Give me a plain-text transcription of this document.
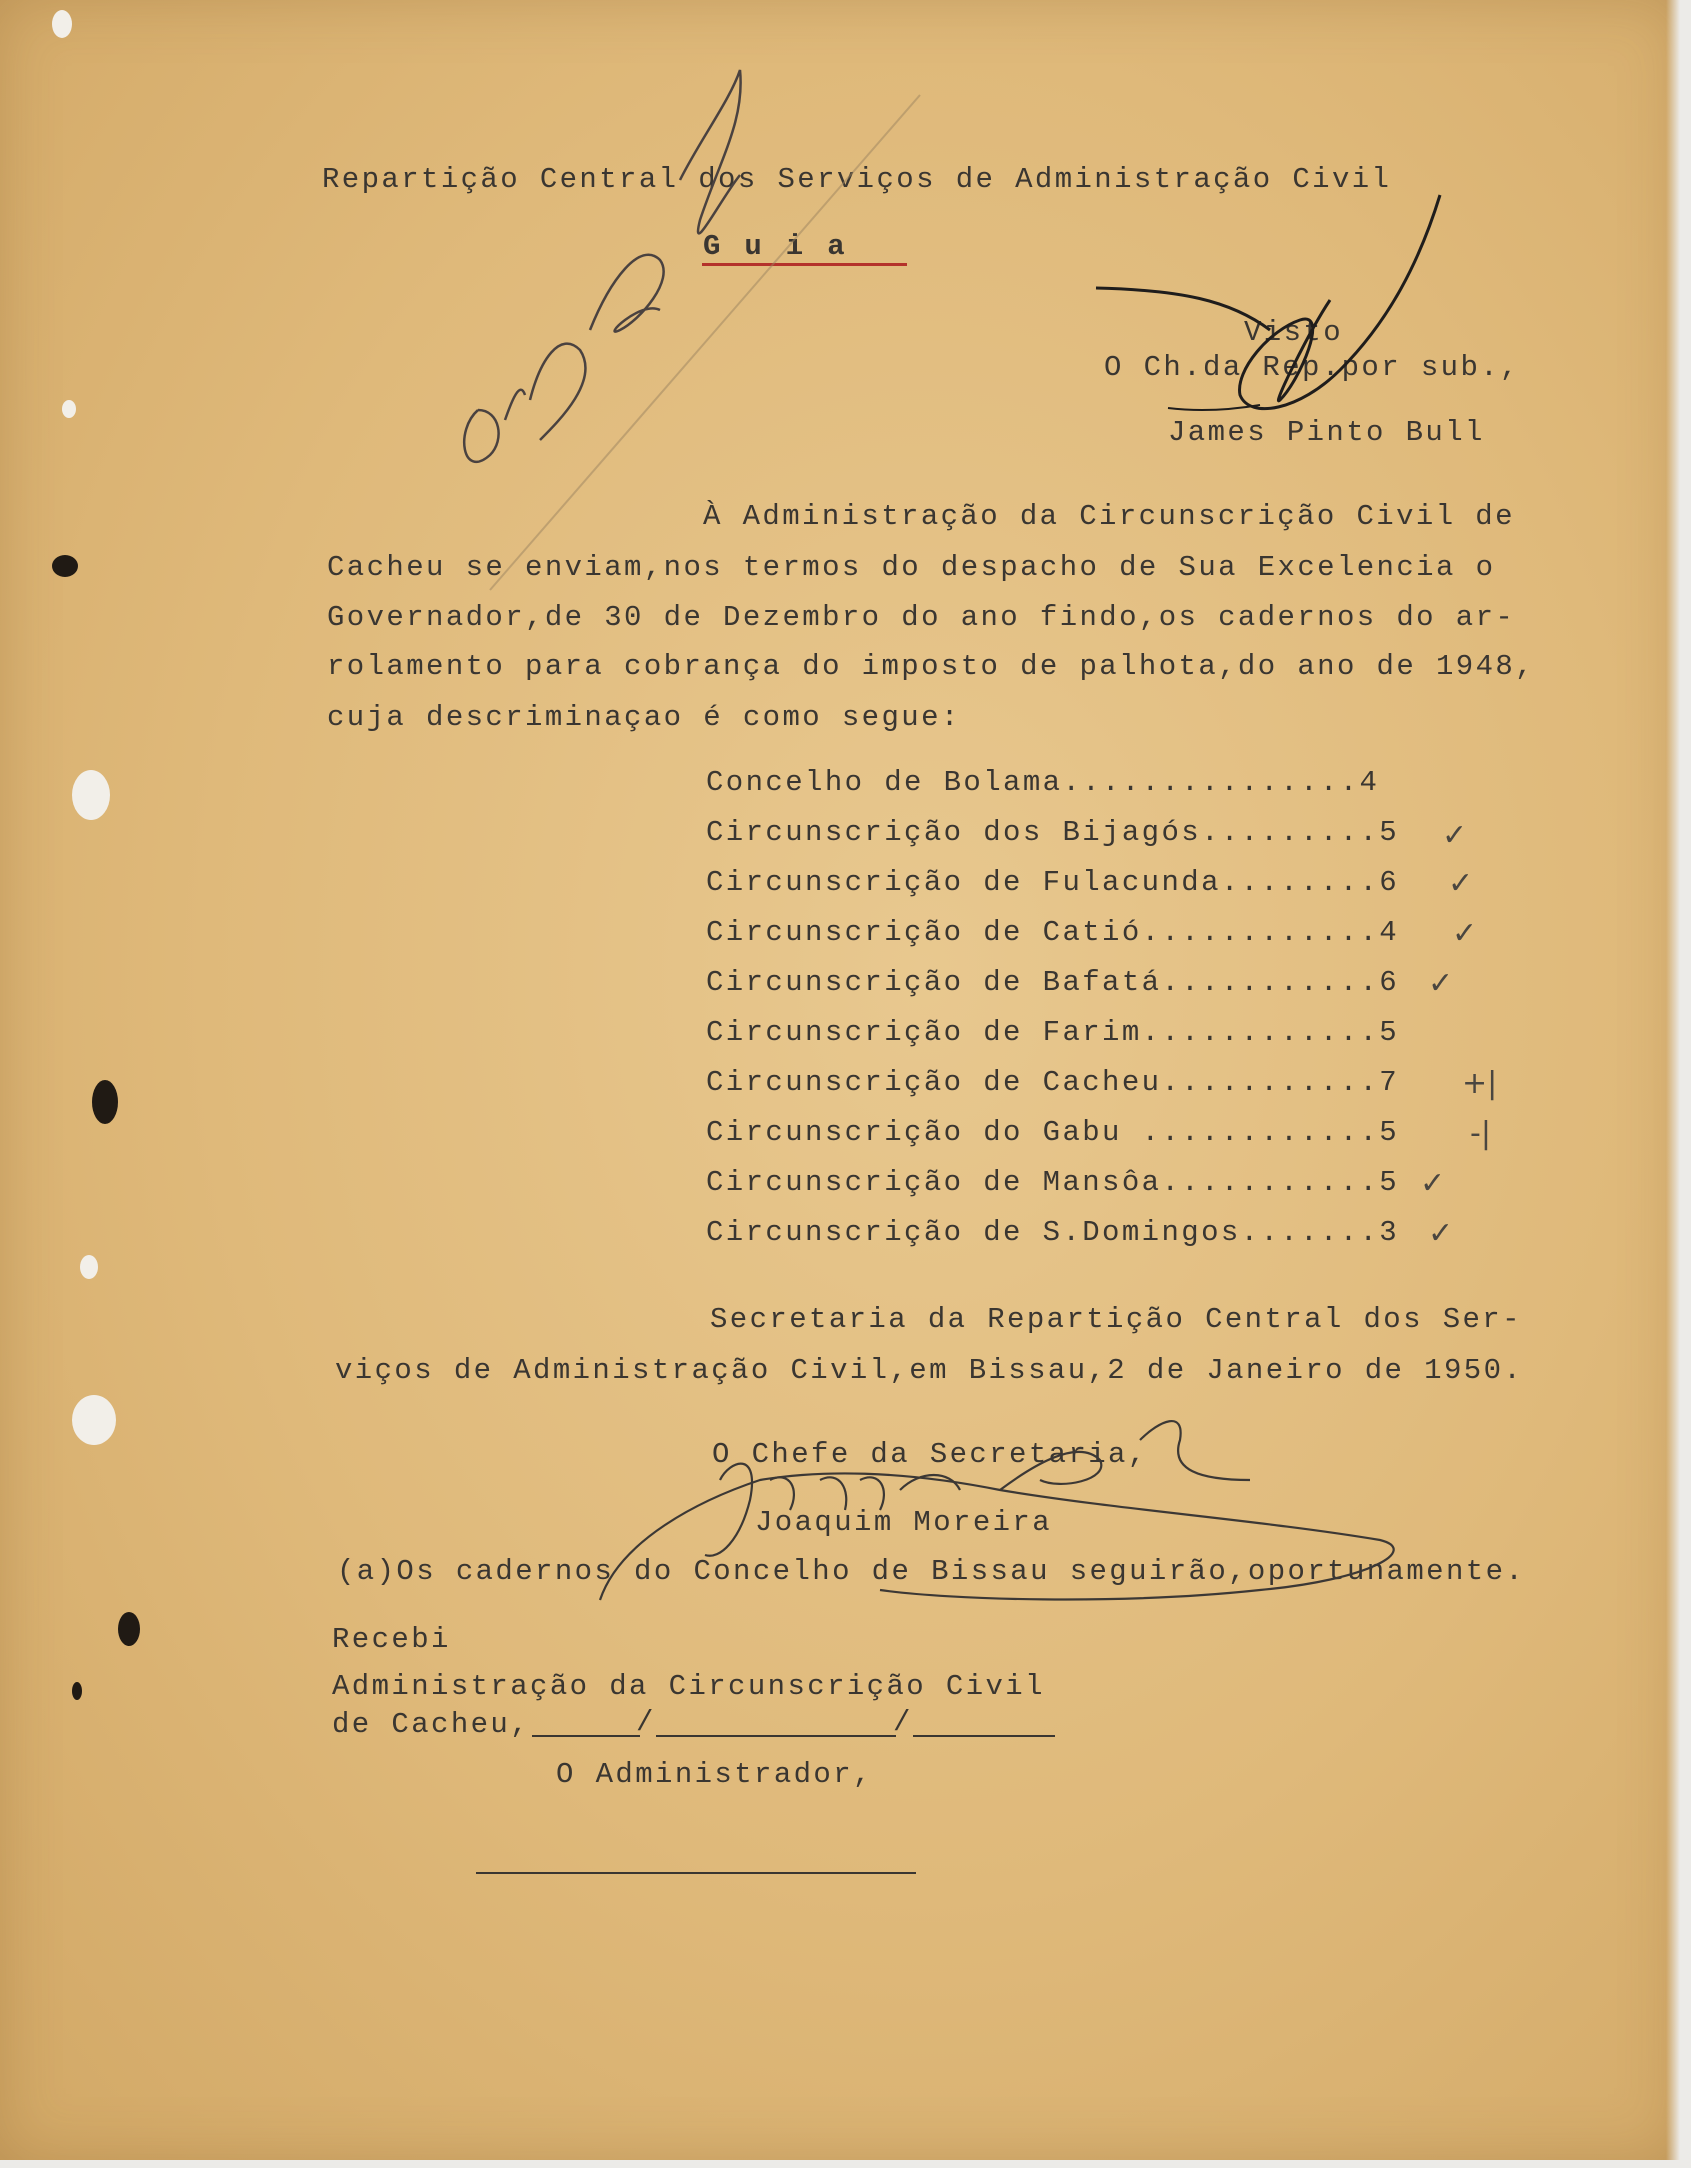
Repartição Central dos Serviços de Administração Civil

Guia

Visto

O Ch.da Rep.por sub.,

James Pinto Bull

À Administração da Circunscrição Civil de

Cacheu se enviam,nos termos do despacho de Sua Excelencia o

Governador,de 30 de Dezembro do ano findo,os cadernos do ar-

rolamento para cobrança do imposto de palhota,do ano de 1948,

cuja descriminaçao é como segue:

Concelho de Bolama...............4

Circunscrição dos Bijagós.........5

Circunscrição de Fulacunda........6

Circunscrição de Catió............4

Circunscrição de Bafatá...........6

Circunscrição de Farim............5

Circunscrição de Cacheu...........7

Circunscrição do Gabu ............5

Circunscrição de Mansôa...........5

Circunscrição de S.Domingos.......3

✓
✓
✓
✓
+|
-|
✓
✓

Secretaria da Repartição Central dos Ser-

viços de Administração Civil,em Bissau,2 de Janeiro de 1950.

O Chefe da Secretaria,

Joaquim Moreira

(a)Os cadernos do Concelho de Bissau seguirão,oportunamente.

Recebi

Administração da Circunscrição Civil

de Cacheu,	/	/

O Administrador,
